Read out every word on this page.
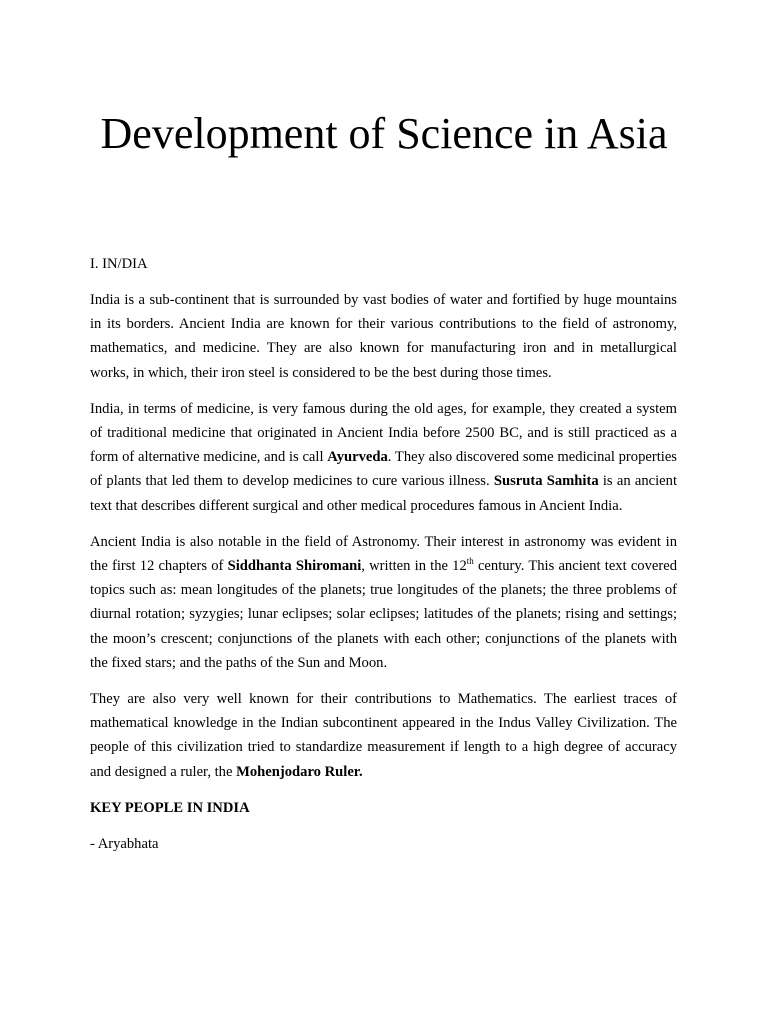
Development of Science in Asia

I. IN/DIA

India is a sub-continent that is surrounded by vast bodies of water and fortified by huge mountains in its borders. Ancient India are known for their various contributions to the field of astronomy, mathematics, and medicine. They are also known for manufacturing iron and in metallurgical works, in which, their iron steel is considered to be the best during those times.

India, in terms of medicine, is very famous during the old ages, for example, they created a system of traditional medicine that originated in Ancient India before 2500 BC, and is still practiced as a form of alternative medicine, and is call Ayurveda. They also discovered some medicinal properties of plants that led them to develop medicines to cure various illness. Susruta Samhita is an ancient text that describes different surgical and other medical procedures famous in Ancient India.

Ancient India is also notable in the field of Astronomy. Their interest in astronomy was evident in the first 12 chapters of Siddhanta Shiromani, written in the 12th century. This ancient text covered topics such as: mean longitudes of the planets; true longitudes of the planets; the three problems of diurnal rotation; syzygies; lunar eclipses; solar eclipses; latitudes of the planets; rising and settings; the moon’s crescent; conjunctions of the planets with each other; conjunctions of the planets with the fixed stars; and the paths of the Sun and Moon.

They are also very well known for their contributions to Mathematics. The earliest traces of mathematical knowledge in the Indian subcontinent appeared in the Indus Valley Civilization. The people of this civilization tried to standardize measurement if length to a high degree of accuracy and designed a ruler, the Mohenjodaro Ruler.

KEY PEOPLE IN INDIA

- Aryabhata
